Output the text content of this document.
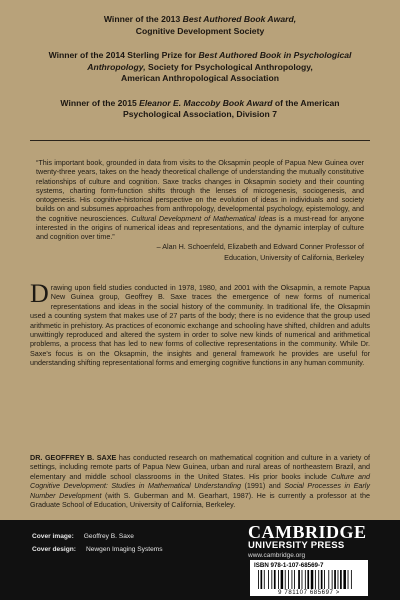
Winner of the 2013 Best Authored Book Award,
Cognitive Development Society
Winner of the 2014 Sterling Prize for Best Authored Book in Psychological Anthropology, Society for Psychological Anthropology,
American Anthropological Association
Winner of the 2015 Eleanor E. Maccoby Book Award of the American
Psychological Association, Division 7
“This important book, grounded in data from visits to the Oksapmin people of Papua New Guinea over twenty-three years, takes on the heady theoretical challenge of understanding the mutually constitutive relationships of culture and cognition. Saxe tracks changes in Oksapmin society and their counting systems, charting form-function shifts through the lenses of microgenesis, sociogenesis, and ontogenesis. His cognitive-historical perspective on the evolution of ideas in individuals and society builds on and subsumes approaches from anthropology, developmental psychology, epistemology, and the cognitive neurosciences. Cultural Development of Mathematical Ideas is a must-read for anyone interested in the origins of numerical ideas and representations, and the dynamic interplay of culture and cognition over time.”
– Alan H. Schoenfeld, Elizabeth and Edward Conner Professor of
Education, University of California, Berkeley
Drawing upon field studies conducted in 1978, 1980, and 2001 with the Oksapmin, a remote Papua New Guinea group, Geoffrey B. Saxe traces the emergence of new forms of numerical representations and ideas in the social history of the community. In traditional life, the Oksapmin used a counting system that makes use of 27 parts of the body; there is no evidence that the group used arithmetic in prehistory. As practices of economic exchange and schooling have shifted, children and adults unwittingly reproduced and altered the system in order to solve new kinds of numerical and arithmetical problems, a process that has led to new forms of collective representations in the community. While Dr. Saxe's focus is on the Oksapmin, the insights and general framework he provides are useful for understanding shifting representational forms and emerging cognitive functions in any human community.
DR. GEOFFREY B. SAXE has conducted research on mathematical cognition and culture in a variety of settings, including remote parts of Papua New Guinea, urban and rural areas of northeastern Brazil, and elementary and middle school classrooms in the United States. His prior books include Culture and Cognitive Development: Studies in Mathematical Understanding (1991) and Social Processes in Early Number Development (with S. Guberman and M. Gearhart, 1987). He is currently a professor at the Graduate School of Education, University of California, Berkeley.
Cover image: Geoffrey B. Saxe
Cover design: Newgen Imaging Systems
CAMBRIDGE
UNIVERSITY PRESS
www.cambridge.org
ISBN 978-1-107-68569-7
9 781107 685697 >
